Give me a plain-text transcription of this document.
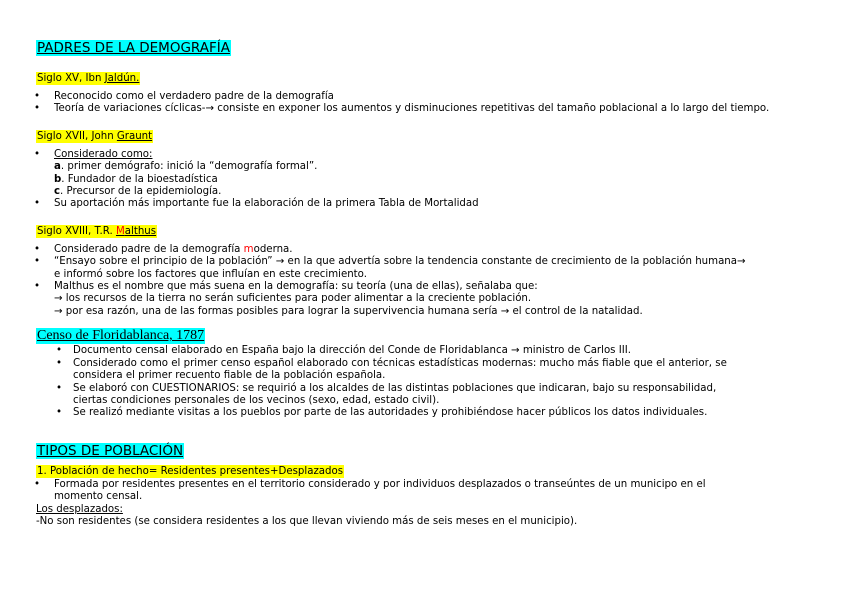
PADRES DE LA DEMOGRAFÍA
Siglo XV, Ibn Jaldún.
• Reconocido como el verdadero padre de la demografía
• Teoría de variaciones cíclicas-→ consiste en exponer los aumentos y disminuciones repetitivas del tamaño poblacional a lo largo del tiempo.
Siglo XVII, John Graunt
• Considerado como:
a. primer demógrafo: inició la “demografía formal”.
b. Fundador de la bioestadística
c. Precursor de la epidemiología.
• Su aportación más importante fue la elaboración de la primera Tabla de Mortalidad
Siglo XVIII, T.R. Malthus
• Considerado padre de la demografía moderna.
• “Ensayo sobre el principio de la población” → en la que advertía sobre la tendencia constante de crecimiento de la población humana→
e informó sobre los factores que influían en este crecimiento.
• Malthus es el nombre que más suena en la demografía: su teoría (una de ellas), señalaba que:
→ los recursos de la tierra no serán suficientes para poder alimentar a la creciente población.
→ por esa razón, una de las formas posibles para lograr la supervivencia humana sería → el control de la natalidad.
Censo de Floridablanca, 1787
• Documento censal elaborado en España bajo la dirección del Conde de Floridablanca → ministro de Carlos III.
• Considerado como el primer censo español elaborado con técnicas estadísticas modernas: mucho más fiable que el anterior, se
considera el primer recuento fiable de la población española.
• Se elaboró con CUESTIONARIOS: se requirió a los alcaldes de las distintas poblaciones que indicaran, bajo su responsabilidad,
ciertas condiciones personales de los vecinos (sexo, edad, estado civil).
• Se realizó mediante visitas a los pueblos por parte de las autoridades y prohibiéndose hacer públicos los datos individuales.
TIPOS DE POBLACIÓN
1. Población de hecho= Residentes presentes+Desplazados
• Formada por residentes presentes en el territorio considerado y por individuos desplazados o transeúntes de un municipo en el
momento censal.
Los desplazados:
-No son residentes (se considera residentes a los que llevan viviendo más de seis meses en el municipio).
